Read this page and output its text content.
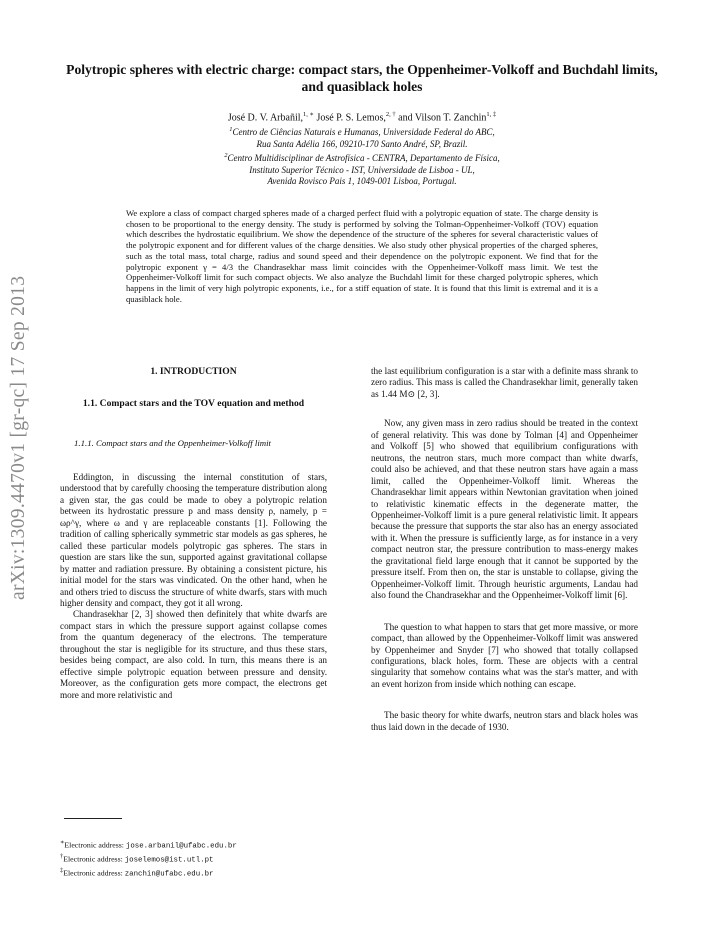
arXiv:1309.4470v1 [gr-qc] 17 Sep 2013
Polytropic spheres with electric charge: compact stars, the Oppenheimer-Volkoff and Buchdahl limits, and quasiblack holes
José D. V. Arbañil,$^{1, ∗}$ José P. S. Lemos,$^{2, \dagger}$ and Vilson T. Zanchin$^{1, \ddagger}$
$^1$Centro de Ciências Naturais e Humanas, Universidade Federal do ABC,
Rua Santa Adélia 166, 09210-170 Santo André, SP, Brazil.
$^2$Centro Multidisciplinar de Astrofísica - CENTRA, Departamento de Física,
Instituto Superior Técnico - IST, Universidade de Lisboa - UL,
Avenida Rovisco Pais 1, 1049-001 Lisboa, Portugal.
We explore a class of compact charged spheres made of a charged perfect fluid with a polytropic equation of state. The charge density is chosen to be proportional to the energy density. The study is performed by solving the Tolman-Oppenheimer-Volkoff (TOV) equation which describes the hydrostatic equilibrium. We show the dependence of the structure of the spheres for several characteristic values of the polytropic exponent and for different values of the charge densities. We also study other physical properties of the charged spheres, such as the total mass, total charge, radius and sound speed and their dependence on the polytropic exponent. We find that for the polytropic exponent γ = 4/3 the Chandrasekhar mass limit coincides with the Oppenheimer-Volkoff mass limit. We test the Oppenheimer-Volkoff limit for such compact objects. We also analyze the Buchdahl limit for these charged polytropic spheres, which happens in the limit of very high polytropic exponents, i.e., for a stiff equation of state. It is found that this limit is extremal and it is a quasiblack hole.
1. INTRODUCTION
1.1. Compact stars and the TOV equation and method
1.1.1. Compact stars and the Oppenheimer-Volkoff limit

Eddington, in discussing the internal constitution of stars, understood that by carefully choosing the temperature distribution along a given star, the gas could be made to obey a polytropic relation between its hydrostatic pressure p and mass density ρ, namely, p = ωρ^γ, where ω and γ are replaceable constants [1]. Following the tradition of calling spherically symmetric star models as gas spheres, he called these particular models polytropic gas spheres. The stars in question are stars like the sun, supported against gravitational collapse by matter and radiation pressure. By obtaining a consistent picture, his initial model for the stars was vindicated. On the other hand, when he and others tried to discuss the structure of white dwarfs, stars with much higher density and compact, they got it all wrong.

Chandrasekhar [2, 3] showed then definitely that white dwarfs are compact stars in which the pressure support against collapse comes from the quantum degeneracy of the electrons. The temperature throughout the star is negligible for its structure, and thus these stars, besides being compact, are also cold. In turn, this means there is an effective simple polytropic equation between pressure and density. Moreover, as the configuration gets more compact, the electrons get more and more relativistic and

the last equilibrium configuration is a star with a definite mass shrank to zero radius. This mass is called the Chandrasekhar limit, generally taken as 1.44 M⊙ [2, 3].

Now, any given mass in zero radius should be treated in the context of general relativity. This was done by Tolman [4] and Oppenheimer and Volkoff [5] who showed that equilibrium configurations with neutrons, the neutron stars, much more compact than white dwarfs, could also be achieved, and that these neutron stars have again a mass limit, called the Oppenheimer-Volkoff limit. Whereas the Chandrasekhar limit appears within Newtonian gravitation when joined to relativistic kinematic effects in the degenerate matter, the Oppenheimer-Volkoff limit is a pure general relativistic limit. It appears because the pressure that supports the star also has an energy associated with it. When the pressure is sufficiently large, as for instance in a very compact neutron star, the pressure contribution to mass-energy makes the gravitational field large enough that it cannot be supported by the pressure itself. From then on, the star is unstable to collapse, giving the Oppenheimer-Volkoff limit. Through heuristic arguments, Landau had also found the Chandrasekhar and the Oppenheimer-Volkoff limit [6].

The question to what happen to stars that get more massive, or more compact, than allowed by the Oppenheimer-Volkoff limit was answered by Oppenheimer and Snyder [7] who showed that totally collapsed configurations, black holes, form. These are objects with a central singularity that somehow contains what was the star's matter, and with an event horizon from inside which nothing can escape.

The basic theory for white dwarfs, neutron stars and black holes was thus laid down in the decade of 1930.

∗Electronic address: jose.arbanil@ufabc.edu.br
†Electronic address: joselemos@ist.utl.pt
‡Electronic address: zanchin@ufabc.edu.br
